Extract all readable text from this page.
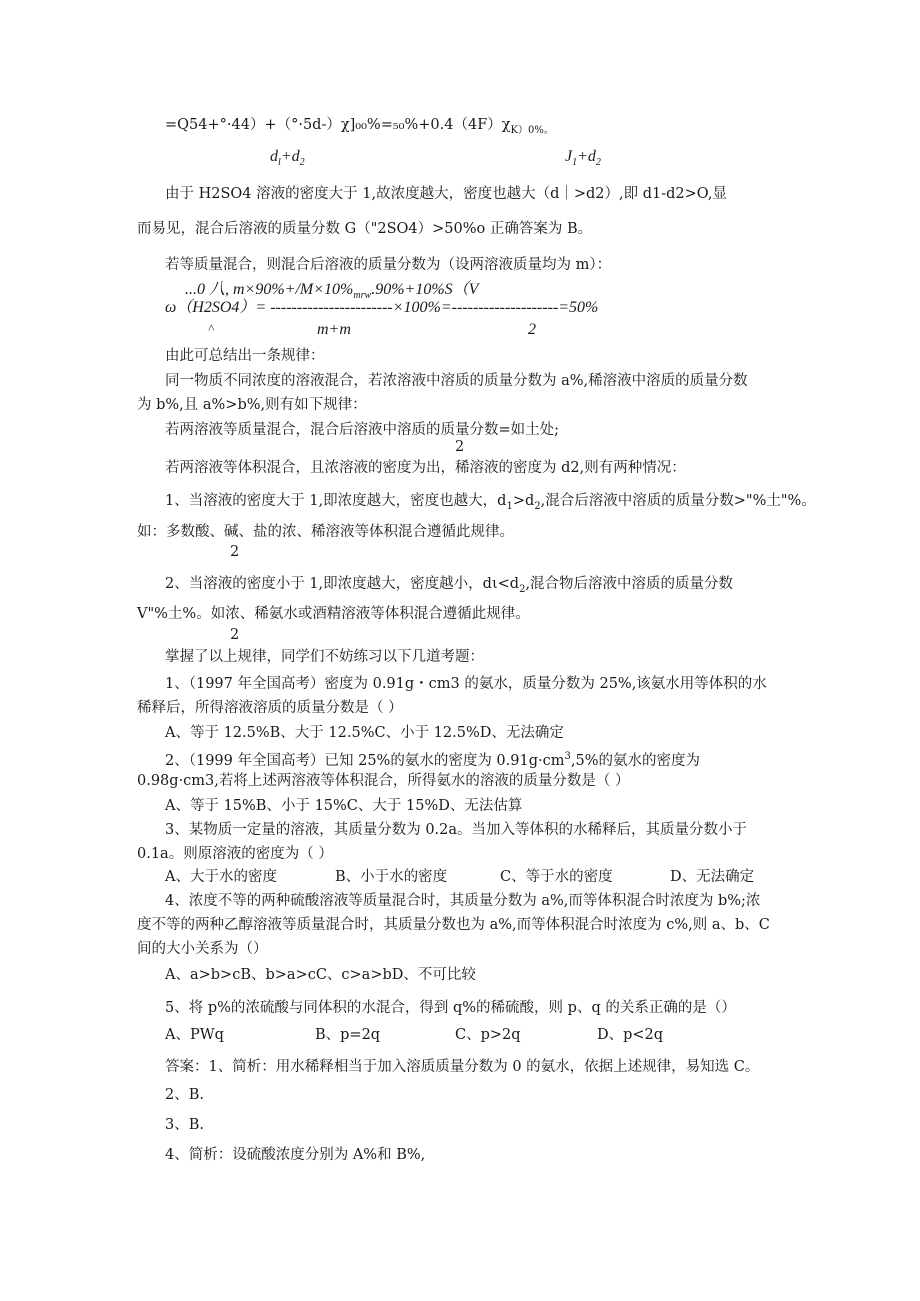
$=Q54+^\circ\cdot 44)+(^\circ\cdot 5d-)\chi]_{00}\%=_{50}\%+0.4(4F)\chi_{K)0\%。}$
$d_l+d_2$	$J_1+d_2$
由于 H2SO4 溶液的密度大于 1,故浓度越大，密度也越大（d｜>d2）,即 d1-d2>O,显
而易见，混合后溶液的质量分数 G（"2SO4）>50%o 正确答案为 B。
若等质量混合，则混合后溶液的质量分数为（设两溶液质量均为 m）：
...0 八, $m\times 90\%+/M\times 10\%_{mrw}.90\%+10\%S(V$
ω（H2SO4）= -----------------------×100%=--------------------=50%
^	m+m	2
由此可总结出一条规律：
同一物质不同浓度的溶液混合，若浓溶液中溶质的质量分数为 a%,稀溶液中溶质的质量分数
为 b%,且 a%>b%,则有如下规律：
若两溶液等质量混合，混合后溶液中溶质的质量分数=如土处;
2
若两溶液等体积混合，且浓溶液的密度为出，稀溶液的密度为 d2,则有两种情况：
1、当溶液的密度大于 1,即浓度越大，密度也越大，$d_1>d_2$,混合后溶液中溶质的质量分数>"%土"%。
如：多数酸、碱、盐的浓、稀溶液等体积混合遵循此规律。
2
2、当溶液的密度小于 1,即浓度越大，密度越小，$d\iota<d_2$,混合物后溶液中溶质的质量分数
V"%土%。如浓、稀氨水或酒精溶液等体积混合遵循此规律。
2
掌握了以上规律，同学们不妨练习以下几道考题：
1、（1997 年全国高考）密度为 0.91g・cm3 的氨水，质量分数为 25%,该氨水用等体积的水
稀释后，所得溶液溶质的质量分数是（ ）
A、等于 12.5%B、大于 12.5%C、小于 12.5%D、无法确定
2、（1999 年全国高考）已知 25%的氨水的密度为 $0.91g\cdot cm^3,5\%$的氨水的密度为
0.98g·cm3,若将上述两溶液等体积混合，所得氨水的溶液的质量分数是（ ）
A、等于 15%B、小于 15%C、大于 15%D、无法估算
3、某物质一定量的溶液，其质量分数为 0.2a。当加入等体积的水稀释后，其质量分数小于
0.1a。则原溶液的密度为（ ）
A、大于水的密度	B、小于水的密度	C、等于水的密度	D、无法确定
4、浓度不等的两种硫酸溶液等质量混合时，其质量分数为 a%,而等体积混合时浓度为 b%;浓
度不等的两种乙醇溶液等质量混合时，其质量分数也为 a%,而等体积混合时浓度为 c%,则 a、b、C
间的大小关系为（）
A、a>b>cB、b>a>cC、c>a>bD、不可比较
5、将 p%的浓硫酸与同体积的水混合，得到 q%的稀硫酸，则 p、q 的关系正确的是（）
A、PWq	B、p=2q	C、p>2q	D、p<2q
答案：1、简析：用水稀释相当于加入溶质质量分数为 0 的氨水，依据上述规律，易知选 C。
2、B.
3、B.
4、简析：设硫酸浓度分别为 A%和 B%,
